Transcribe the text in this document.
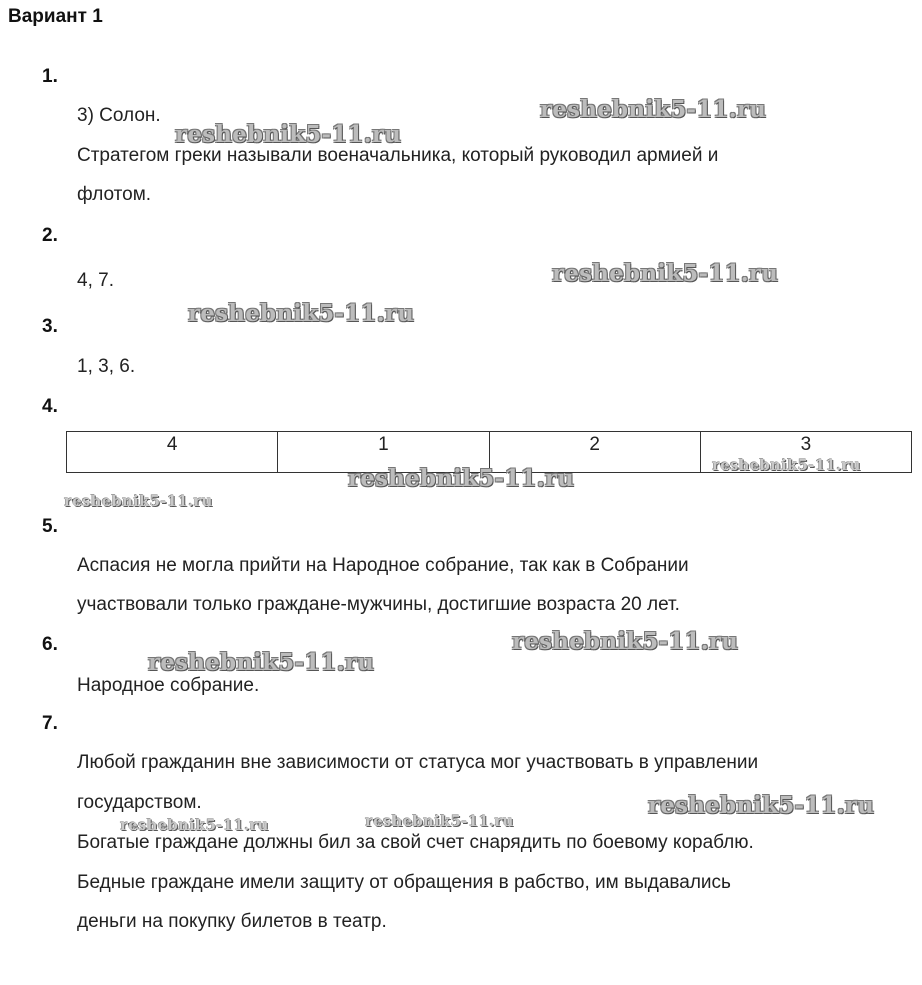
Вариант 1
1.
3) Солон.
Стратегом греки называли военачальника, который руководил армией и
флотом.
2.
4, 7.
3.
1, 3, 6.
4.
4	1	2	3
5.
Аспасия не могла прийти на Народное собрание, так как в Собрании
участвовали только граждане-мужчины, достигшие возраста 20 лет.
6.
Народное собрание.
7.
Любой гражданин вне зависимости от статуса мог участвовать в управлении
государством.
Богатые граждане должны бил за свой счет снарядить по боевому кораблю.
Бедные граждане имели защиту от обращения в рабство, им выдавались
деньги на покупку билетов в театр.
reshebnik5-11.ru
reshebnik5-11.ru
reshebnik5-11.ru
reshebnik5-11.ru
reshebnik5-11.ru
reshebnik5-11.ru
reshebnik5-11.ru
reshebnik5-11.ru
reshebnik5-11.ru
reshebnik5-11.ru
reshebnik5-11.ru
reshebnik5-11.ru
